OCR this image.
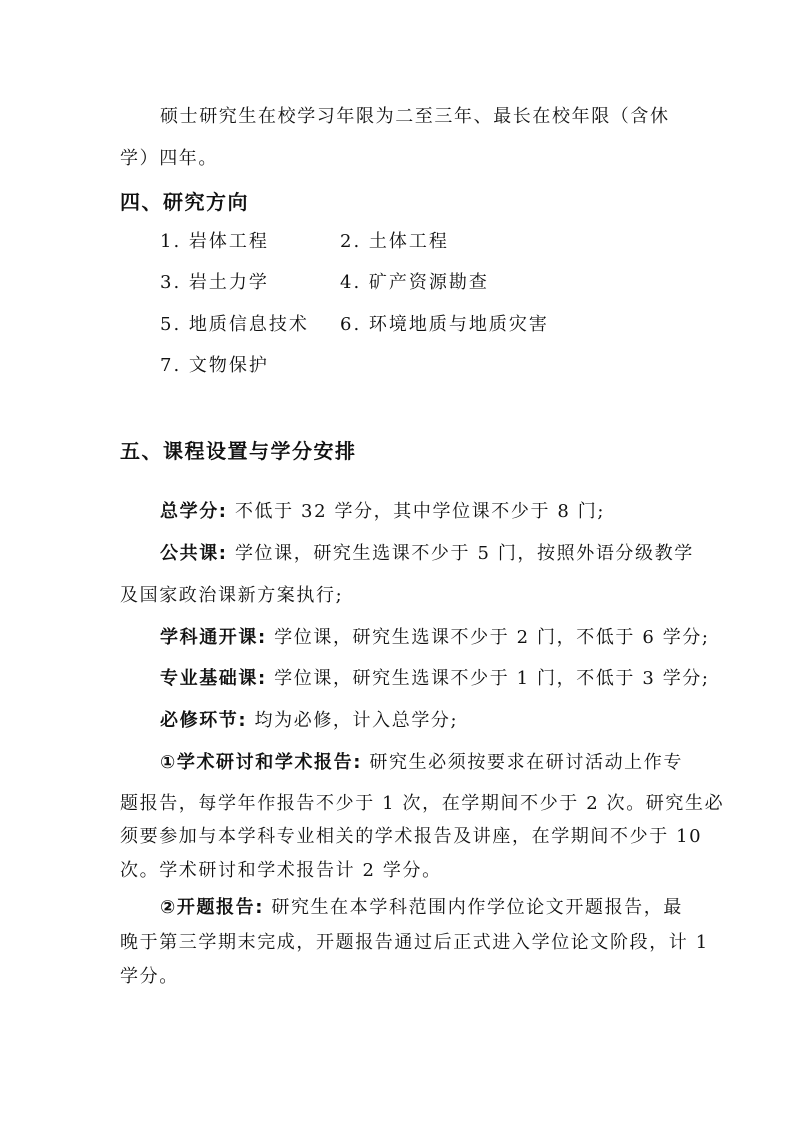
硕士研究生在校学习年限为二至三年、最长在校年限（含休
学）四年。
四、研究方向
1. 岩体工程	2. 土体工程
3. 岩土力学	4. 矿产资源勘查
5. 地质信息技术 6. 环境地质与地质灾害
7. 文物保护
五、课程设置与学分安排
总学分: 不低于 32 学分，其中学位课不少于 8 门;
公共课: 学位课，研究生选课不少于 5 门，按照外语分级教学
及国家政治课新方案执行;
学科通开课: 学位课，研究生选课不少于 2 门，不低于 6 学分;
专业基础课: 学位课，研究生选课不少于 1 门，不低于 3 学分;
必修环节: 均为必修，计入总学分;
①学术研讨和学术报告: 研究生必须按要求在研讨活动上作专
题报告，每学年作报告不少于 1 次，在学期间不少于 2 次。研究生必
须要参加与本学科专业相关的学术报告及讲座，在学期间不少于 10
次。学术研讨和学术报告计 2 学分。
②开题报告: 研究生在本学科范围内作学位论文开题报告，最
晚于第三学期末完成，开题报告通过后正式进入学位论文阶段，计 1
学分。
